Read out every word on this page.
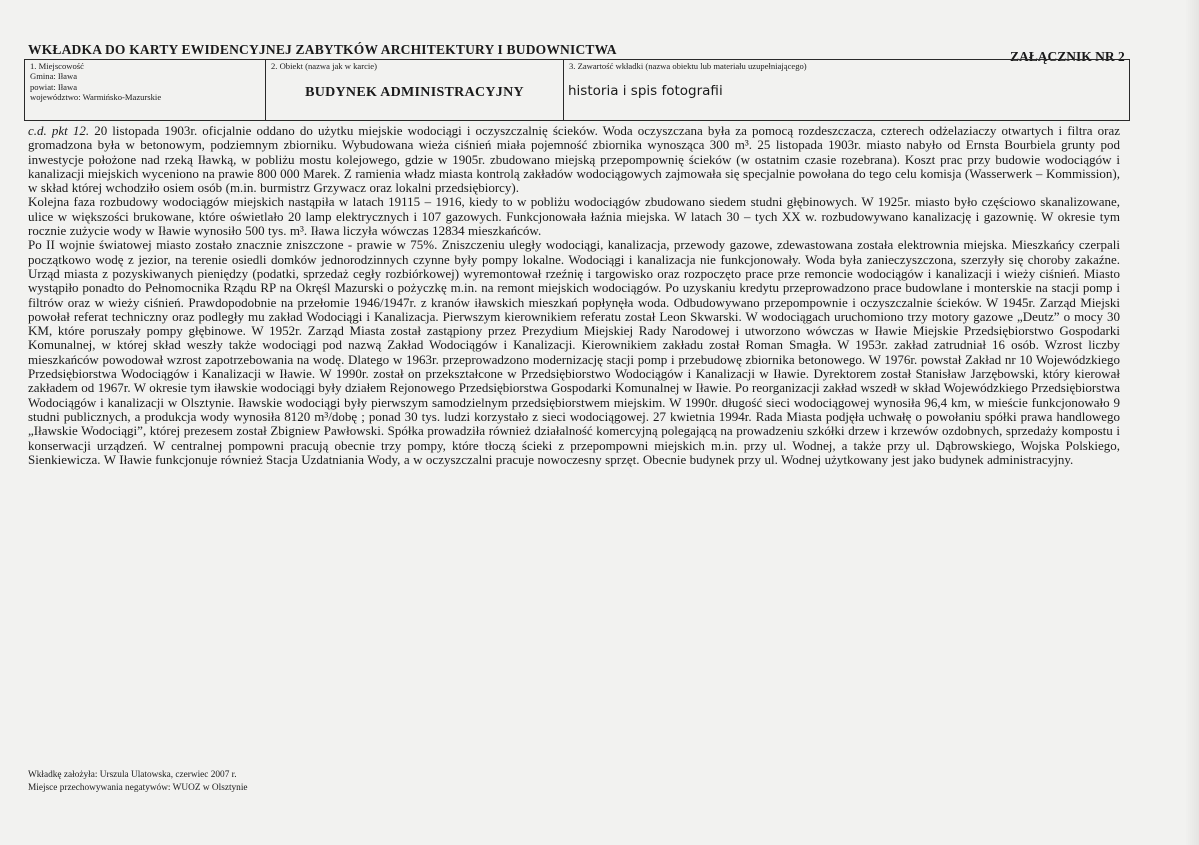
WKŁADKA DO KARTY EWIDENCYJNEJ ZABYTKÓW ARCHITEKTURY I BUDOWNICTWA	ZAŁĄCZNIK NR 2
1. Miejscowość
Gmina: Iława
powiat: Iława
województwo: Warmińsko-Mazurskie

2. Obiekt (nazwa jak w karcie)
BUDYNEK ADMINISTRACYJNY

3. Zawartość wkładki (nazwa obiektu lub materiału uzupełniającego)
historia i spis fotografii

c.d. pkt 12. 20 listopada 1903r. oficjalnie oddano do użytku miejskie wodociągi i oczyszczalnię ścieków. Woda oczyszczana była za pomocą rozdeszczacza, czterech odżelaziaczy otwartych i filtra oraz gromadzona była w betonowym, podziemnym zbiorniku. Wybudowana wieża ciśnień miała pojemność zbiornika wynosząca 300 m³. 25 listopada 1903r. miasto nabyło od Ernsta Bourbiela grunty pod inwestycje położone nad rzeką Iławką, w pobliżu mostu kolejowego, gdzie w 1905r. zbudowano miejską przepompownię ścieków (w ostatnim czasie rozebrana). Koszt prac przy budowie wodociągów i kanalizacji miejskich wyceniono na prawie 800 000 Marek. Z ramienia władz miasta kontrolą zakładów wodociągowych zajmowała się specjalnie powołana do tego celu komisja (Wasserwerk – Kommission), w skład której wchodziło osiem osób (m.in. burmistrz Grzywacz oraz lokalni przedsiębiorcy).

Kolejna faza rozbudowy wodociągów miejskich nastąpiła w latach 19115 – 1916, kiedy to w pobliżu wodociągów zbudowano siedem studni głębinowych. W 1925r. miasto było częściowo skanalizowane, ulice w większości brukowane, które oświetlało 20 lamp elektrycznych i 107 gazowych. Funkcjonowała łaźnia miejska. W latach 30 – tych XX w. rozbudowywano kanalizację i gazownię. W okresie tym rocznie zużycie wody w Iławie wynosiło 500 tys. m³. Iława liczyła wówczas 12834 mieszkańców.

Po II wojnie światowej miasto zostało znacznie zniszczone - prawie w 75%. Zniszczeniu uległy wodociągi, kanalizacja, przewody gazowe, zdewastowana została elektrownia miejska. Mieszkańcy czerpali początkowo wodę z jezior, na terenie osiedli domków jednorodzinnych czynne były pompy lokalne. Wodociągi i kanalizacja nie funkcjonowały. Woda była zanieczyszczona, szerzyły się choroby zakaźne. Urząd miasta z pozyskiwanych pieniędzy (podatki, sprzedaż cegły rozbiórkowej) wyremontował rzeźnię i targowisko oraz rozpoczęto prace prze remoncie wodociągów i kanalizacji i wieży ciśnień. Miasto wystąpiło ponadto do Pełnomocnika Rządu RP na Okręśl Mazurski o pożyczkę m.in. na remont miejskich wodociągów. Po uzyskaniu kredytu przeprowadzono prace budowlane i monterskie na stacji pomp i filtrów oraz w wieży ciśnień. Prawdopodobnie na przełomie 1946/1947r. z kranów iławskich mieszkań popłynęła woda. Odbudowywano przepompownie i oczyszczalnie ścieków. W 1945r. Zarząd Miejski powołał referat techniczny oraz podległy mu zakład Wodociągi i Kanalizacja. Pierwszym kierownikiem referatu został Leon Skwarski. W wodociągach uruchomiono trzy motory gazowe „Deutz” o mocy 30 KM, które poruszały pompy głębinowe. W 1952r. Zarząd Miasta został zastąpiony przez Prezydium Miejskiej Rady Narodowej i utworzono wówczas w Iławie Miejskie Przedsiębiorstwo Gospodarki Komunalnej, w której skład weszły także wodociągi pod nazwą Zakład Wodociągów i Kanalizacji. Kierownikiem zakładu został Roman Smagła. W 1953r. zakład zatrudniał 16 osób. Wzrost liczby mieszkańców powodował wzrost zapotrzebowania na wodę. Dlatego w 1963r. przeprowadzono modernizację stacji pomp i przebudowę zbiornika betonowego. W 1976r. powstał Zakład nr 10 Wojewódzkiego Przedsiębiorstwa Wodociągów i Kanalizacji w Iławie. W 1990r. został on przekształcone w Przedsiębiorstwo Wodociągów i Kanalizacji w Iławie. Dyrektorem został Stanisław Jarzębowski, który kierował zakładem od 1967r. W okresie tym iławskie wodociągi były działem Rejonowego Przedsiębiorstwa Gospodarki Komunalnej w Iławie. Po reorganizacji zakład wszedł w skład Wojewódzkiego Przedsiębiorstwa Wodociągów i kanalizacji w Olsztynie. Iławskie wodociągi były pierwszym samodzielnym przedsiębiorstwem miejskim. W 1990r. długość sieci wodociągowej wynosiła 96,4 km, w mieście funkcjonowało 9 studni publicznych, a produkcja wody wynosiła 8120 m³/dobę ; ponad 30 tys. ludzi korzystało z sieci wodociągowej. 27 kwietnia 1994r. Rada Miasta podjęła uchwałę o powołaniu spółki prawa handlowego „Iławskie Wodociągi”, której prezesem został Zbigniew Pawłowski. Spółka prowadziła również działalność komercyjną polegającą na prowadzeniu szkółki drzew i krzewów ozdobnych, sprzedaży kompostu i konserwacji urządzeń. W centralnej pompowni pracują obecnie trzy pompy, które tłoczą ścieki z przepompowni miejskich m.in. przy ul. Wodnej, a także przy ul. Dąbrowskiego, Wojska Polskiego, Sienkiewicza. W Iławie funkcjonuje również Stacja Uzdatniania Wody, a w oczyszczalni pracuje nowoczesny sprzęt. Obecnie budynek przy ul. Wodnej użytkowany jest jako budynek administracyjny.

Wkładkę założyła: Urszula Ulatowska, czerwiec 2007 r.
Miejsce przechowywania negatywów: WUOZ w Olsztynie
